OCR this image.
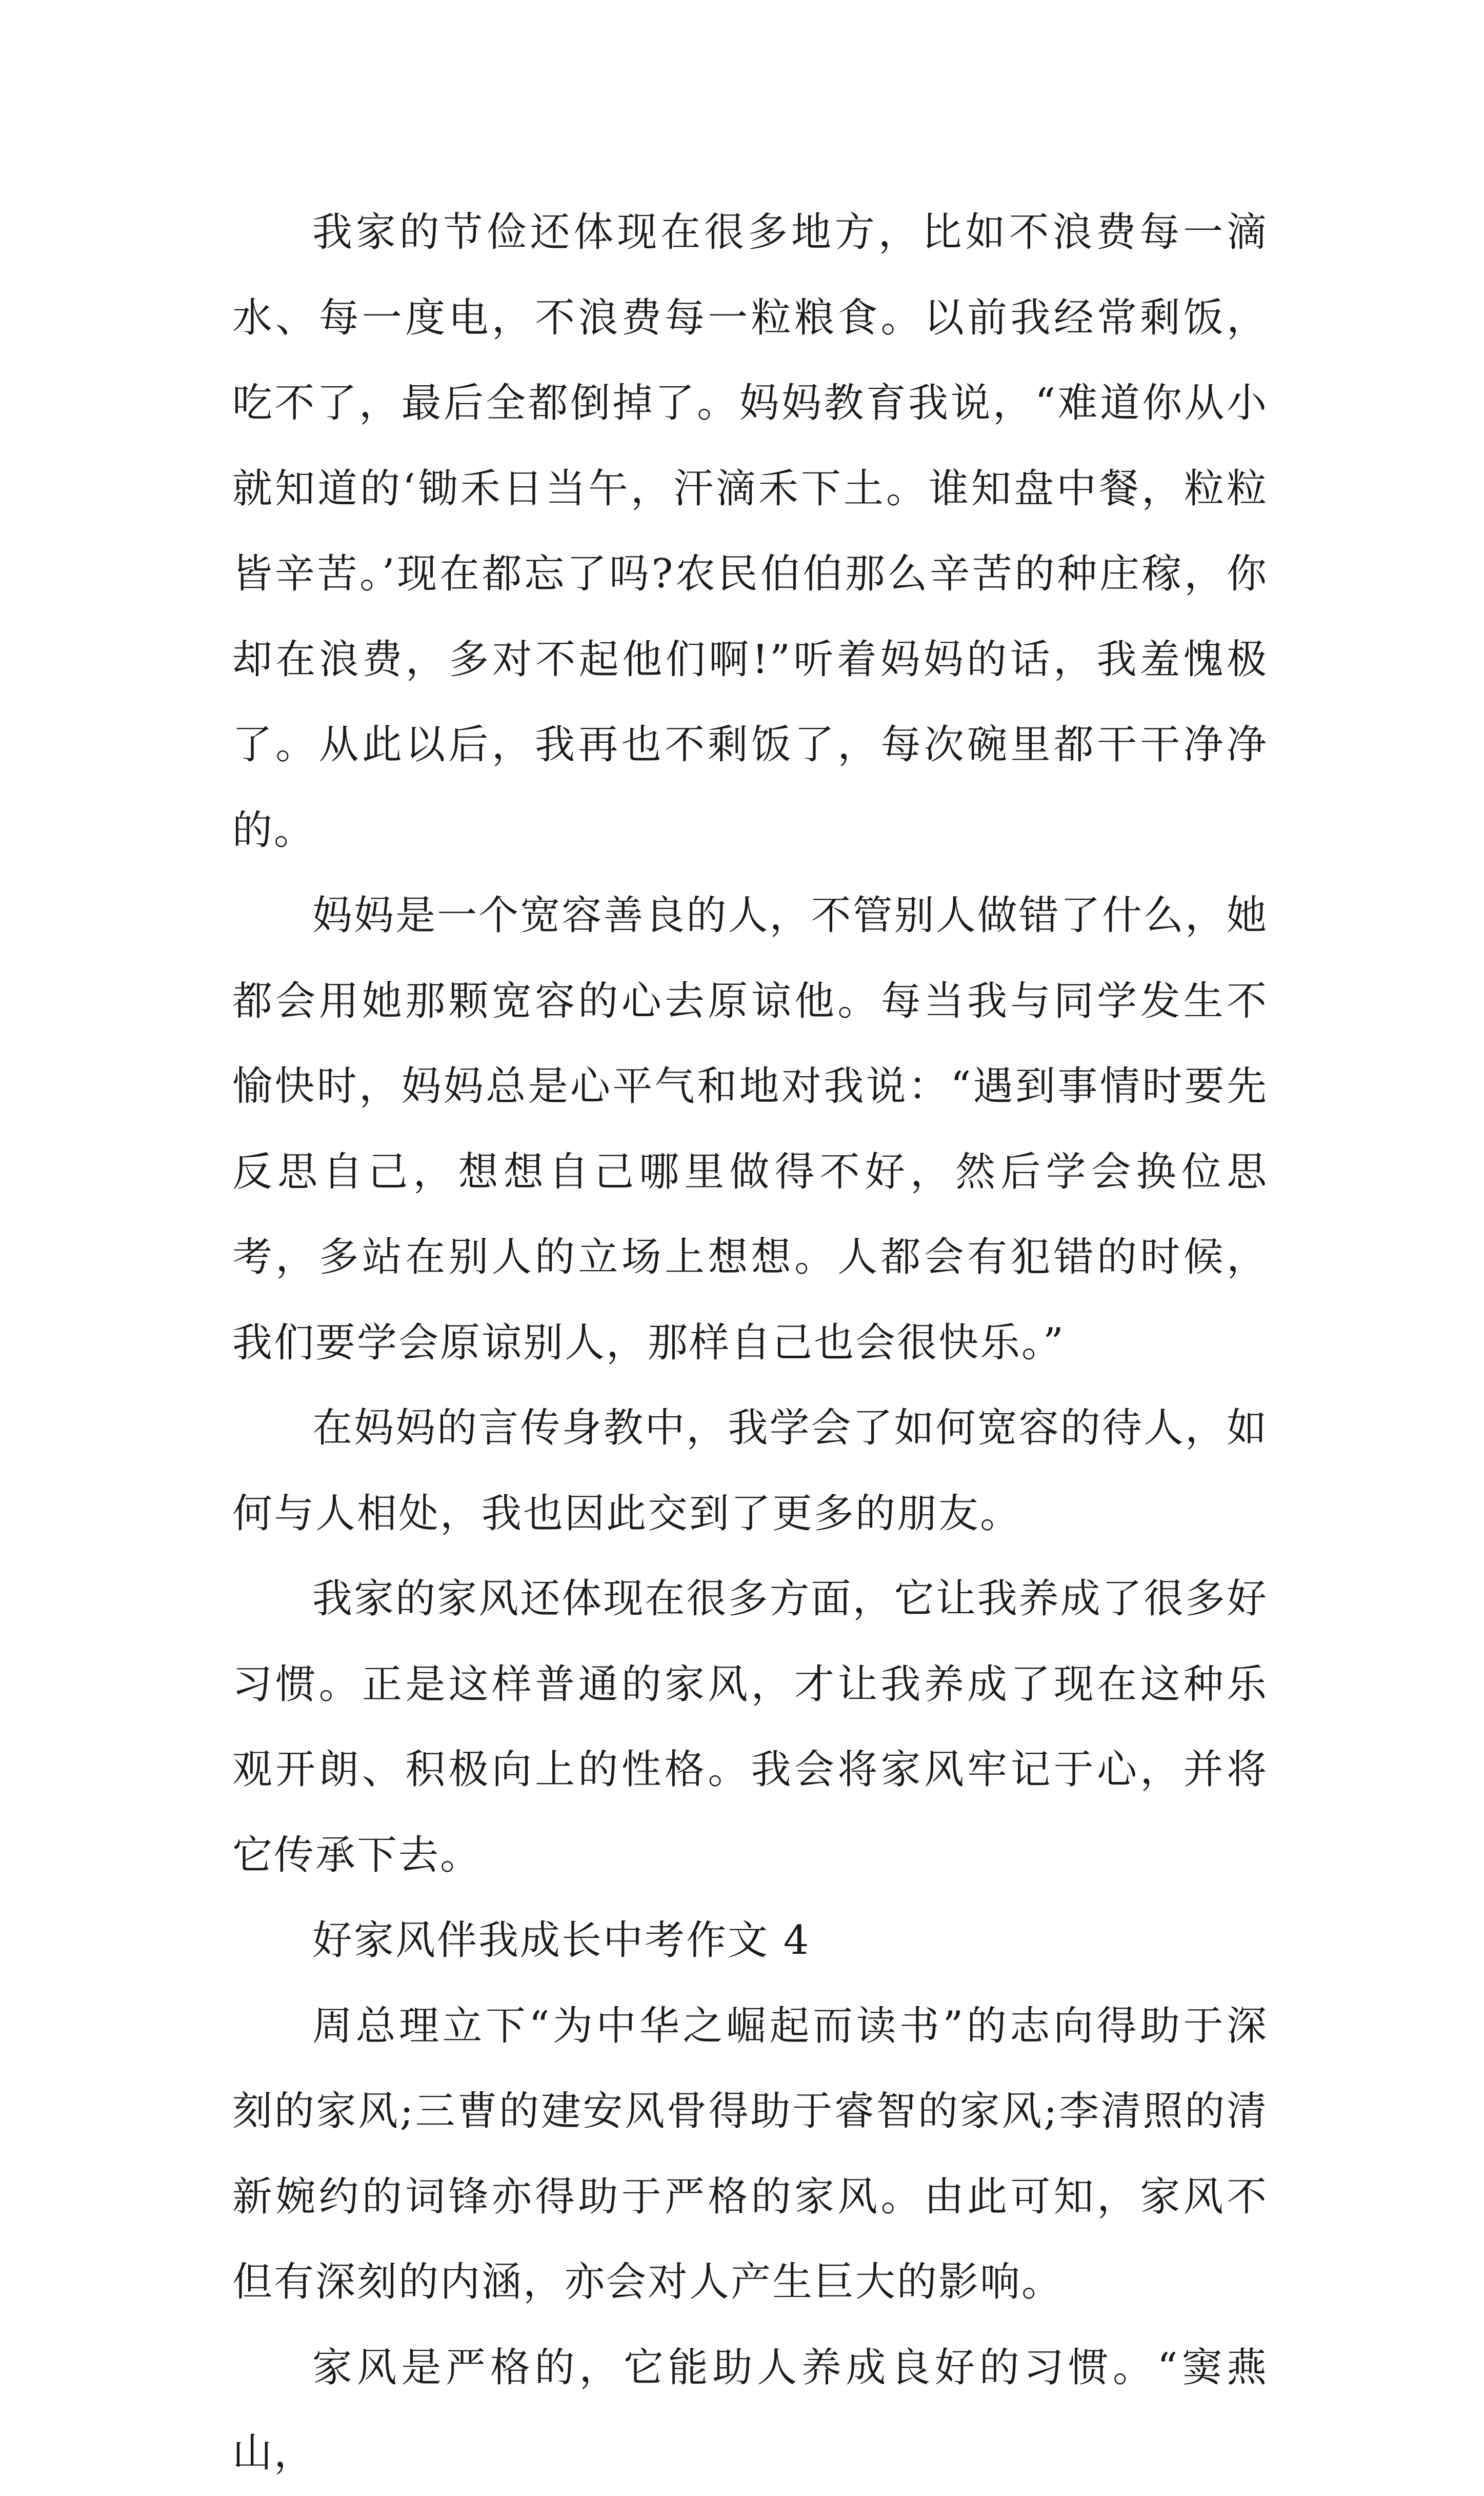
我家的节俭还体现在很多地方，比如不浪费每一滴水、每一度电，不浪费每一粒粮食。以前我经常剩饭，吃不了，最后全都倒掉了。妈妈教育我说，“难道你从小就知道的‘锄禾日当午，汗滴禾下土。谁知盘中餐，粒粒皆辛苦。’现在都忘了吗?农民伯伯那么辛苦的种庄稼，你却在浪费，多对不起他们啊!”听着妈妈的话，我羞愧极了。从此以后，我再也不剩饭了，每次碗里都干干净净的。

妈妈是一个宽容善良的人，不管别人做错了什么，她都会用她那颗宽容的心去原谅他。每当我与同学发生不愉快时，妈妈总是心平气和地对我说：“遇到事情时要先反思自己，想想自己哪里做得不好，然后学会换位思考，多站在别人的立场上想想。人都会有犯错的时候，我们要学会原谅别人，那样自己也会很快乐。”

在妈妈的言传身教中，我学会了如何宽容的待人，如何与人相处，我也因此交到了更多的朋友。

我家的家风还体现在很多方面，它让我养成了很多好习惯。正是这样普通的家风，才让我养成了现在这种乐观开朗、积极向上的性格。我会将家风牢记于心，并将它传承下去。

好家风伴我成长中考作文 4

周总理立下“为中华之崛起而读书”的志向得助于深刻的家风;三曹的建安风骨得助于睿智的家风;李清照的清新婉约的词锋亦得助于严格的家风。由此可知，家风不但有深刻的内涵，亦会对人产生巨大的影响。

家风是严格的，它能助人养成良好的习惯。“窦燕山，
